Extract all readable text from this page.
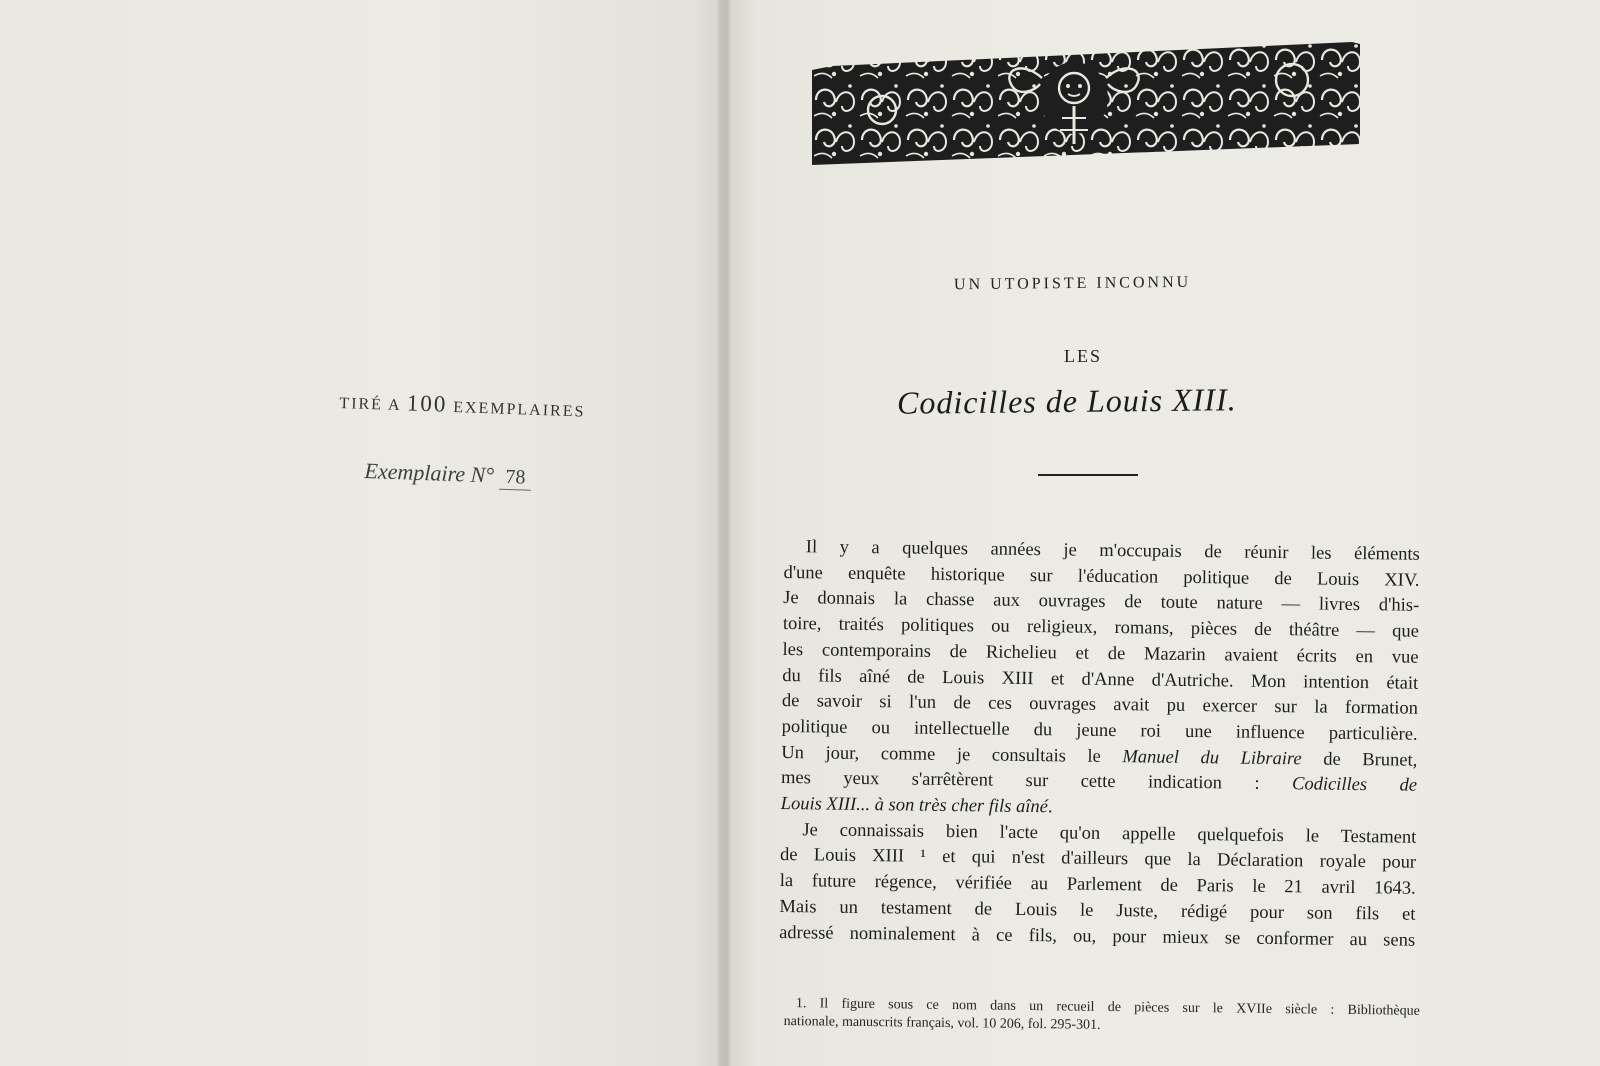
TIRÉ A 100 EXEMPLAIRES
Exemplaire N° 78
UN UTOPISTE INCONNU
LES
Codicilles de Louis XIII.
Il y a quelques années je m'occupais de réunir les éléments
d'une enquête historique sur l'éducation politique de Louis XIV.
Je donnais la chasse aux ouvrages de toute nature — livres d'his-
toire, traités politiques ou religieux, romans, pièces de théâtre — que
les contemporains de Richelieu et de Mazarin avaient écrits en vue
du fils aîné de Louis XIII et d'Anne d'Autriche. Mon intention était
de savoir si l'un de ces ouvrages avait pu exercer sur la formation
politique ou intellectuelle du jeune roi une influence particulière.
Un jour, comme je consultais le Manuel du Libraire de Brunet,
mes yeux s'arrêtèrent sur cette indication : Codicilles de
Louis XIII... à son très cher fils aîné.
Je connaissais bien l'acte qu'on appelle quelquefois le Testament
de Louis XIII ¹ et qui n'est d'ailleurs que la Déclaration royale pour
la future régence, vérifiée au Parlement de Paris le 21 avril 1643.
Mais un testament de Louis le Juste, rédigé pour son fils et
adressé nominalement à ce fils, ou, pour mieux se conformer au sens
1. Il figure sous ce nom dans un recueil de pièces sur le XVIIe siècle : Bibliothèque
nationale, manuscrits français, vol. 10 206, fol. 295-301.
